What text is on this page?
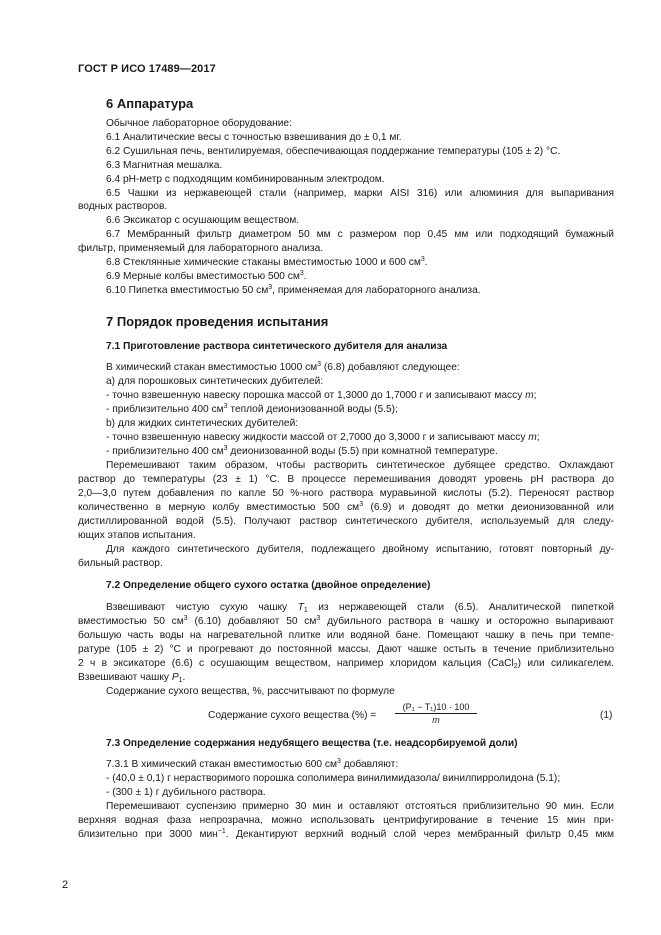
ГОСТ Р ИСО 17489—2017
6 Аппаратура
Обычное лабораторное оборудование:
6.1 Аналитические весы с точностью взвешивания до ± 0,1 мг.
6.2 Сушильная печь, вентилируемая, обеспечивающая поддержание температуры (105 ± 2) °С.
6.3 Магнитная мешалка.
6.4 рН-метр с подходящим комбинированным электродом.
6.5 Чашки из нержавеющей стали (например, марки AISI 316) или алюминия для выпаривания
водных растворов.
6.6 Эксикатор с осушающим веществом.
6.7 Мембранный фильтр диаметром 50 мм с размером пор 0,45 мм или подходящий бумажный
фильтр, применяемый для лабораторного анализа.
6.8 Стеклянные химические стаканы вместимостью 1000 и 600 $см^3$.
6.9 Мерные колбы вместимостью 500 $см^3$.
6.10 Пипетка вместимостью 50 $см^3$, применяемая для лабораторного анализа.
7 Порядок проведения испытания
7.1 Приготовление раствора синтетического дубителя для анализа
В химический стакан вместимостью 1000 $см^3$ (6.8) добавляют следующее:
а) для порошковых синтетических дубителей:
- точно взвешенную навеску порошка массой от 1,3000 до 1,7000 г и записывают массу m;
- приблизительно 400 $см^3$ теплой деионизованной воды (5.5);
b) для жидких синтетических дубителей:
- точно взвешенную навеску жидкости массой от 2,7000 до 3,3000 г и записывают массу m;
- приблизительно 400 $см^3$ деионизованной воды (5.5) при комнатной температуре.
Перемешивают таким образом, чтобы растворить синтетическое дубящее средство. Охлаждают
раствор до температуры (23 ± 1) °С. В процессе перемешивания доводят уровень рН раствора до
2,0—3,0 путем добавления по капле 50 %-ного раствора муравьиной кислоты (5.2). Переносят раствор
количественно в мерную колбу вместимостью 500 $см^3$ (6.9) и доводят до метки деионизованной или
дистиллированной водой (5.5). Получают раствор синтетического дубителя, используемый для следу-
ющих этапов испытания.
Для каждого синтетического дубителя, подлежащего двойному испытанию, готовят повторный ду-
бильный раствор.
7.2 Определение общего сухого остатка (двойное определение)
Взвешивают чистую сухую чашку $T_1$ из нержавеющей стали (6.5). Аналитической пипеткой
вместимостью 50 $см^3$ (6.10) добавляют 50 $см^3$ дубильного раствора в чашку и осторожно выпаривают
большую часть воды на нагревательной плитке или водяной бане. Помещают чашку в печь при темпе-
ратуре (105 ± 2) °С и прогревают до постоянной массы. Дают чашке остыть в течение приблизительно
2 ч в эксикаторе (6.6) с осушающим веществом, например хлоридом кальция (CaCl$_2$) или силикагелем.
Взвешивают чашку $P_1$.
Содержание сухого вещества, %, рассчитывают по формуле
Содержание сухого вещества (%) = $\frac{\text{(P₁ − T₁)10 · 100}}{m}$	(1)
7.3 Определение содержания недубящего вещества (т.е. неадсорбируемой доли)
7.3.1 В химический стакан вместимостью 600 $см^3$ добавляют:
- (40,0 ± 0,1) г нерастворимого порошка сополимера винилимидазола/ винилпирролидона (5.1);
- (300 ± 1) г дубильного раствора.
Перемешивают суспензию примерно 30 мин и оставляют отстояться приблизительно 90 мин. Если
верхняя водная фаза непрозрачна, можно использовать центрифугирование в течение 15 мин при-
близительно при 3000 мин$^{-1}$. Декантируют верхний водный слой через мембранный фильтр 0,45 мкм
2
